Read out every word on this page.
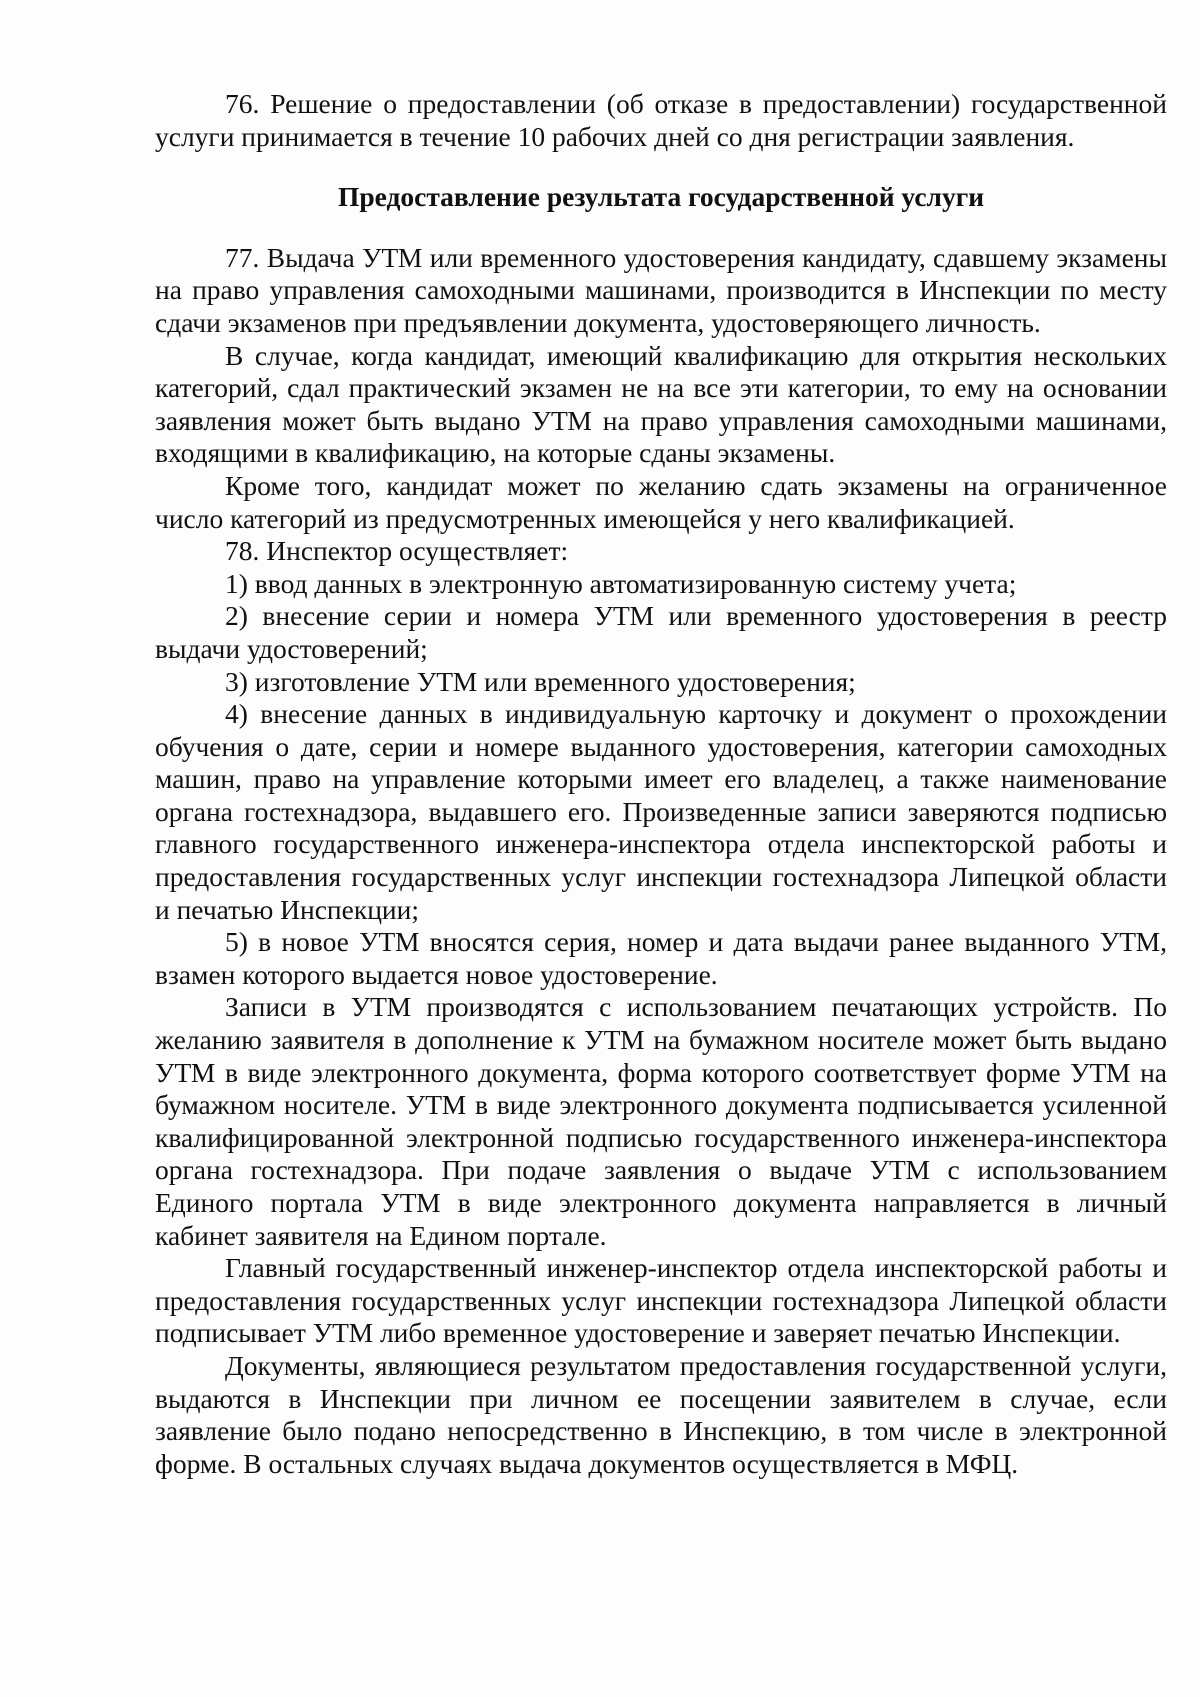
76. Решение о предоставлении (об отказе в предоставлении) государственной услуги принимается в течение 10 рабочих дней со дня регистрации заявления.

Предоставление результата государственной услуги

77. Выдача УТМ или временного удостоверения кандидату, сдавшему экзамены на право управления самоходными машинами, производится в Инспекции по месту сдачи экзаменов при предъявлении документа, удостоверяющего личность.

В случае, когда кандидат, имеющий квалификацию для открытия нескольких категорий, сдал практический экзамен не на все эти категории, то ему на основании заявления может быть выдано УТМ на право управления самоходными машинами, входящими в квалификацию, на которые сданы экзамены.

Кроме того, кандидат может по желанию сдать экзамены на ограниченное число категорий из предусмотренных имеющейся у него квалификацией.

78. Инспектор осуществляет:

1) ввод данных в электронную автоматизированную систему учета;

2) внесение серии и номера УТМ или временного удостоверения в реестр выдачи удостоверений;

3) изготовление УТМ или временного удостоверения;

4) внесение данных в индивидуальную карточку и документ о прохождении обучения о дате, серии и номере выданного удостоверения, категории самоходных машин, право на управление которыми имеет его владелец, а также наименование органа гостехнадзора, выдавшего его. Произведенные записи заверяются подписью главного государственного инженера-инспектора отдела инспекторской работы и предоставления государственных услуг инспекции гостехнадзора Липецкой области и печатью Инспекции;

5) в новое УТМ вносятся серия, номер и дата выдачи ранее выданного УТМ, взамен которого выдается новое удостоверение.

Записи в УТМ производятся с использованием печатающих устройств. По желанию заявителя в дополнение к УТМ на бумажном носителе может быть выдано УТМ в виде электронного документа, форма которого соответствует форме УТМ на бумажном носителе. УТМ в виде электронного документа подписывается усиленной квалифицированной электронной подписью государственного инженера-инспектора органа гостехнадзора. При подаче заявления о выдаче УТМ с использованием Единого портала УТМ в виде электронного документа направляется в личный кабинет заявителя на Едином портале.

Главный государственный инженер-инспектор отдела инспекторской работы и предоставления государственных услуг инспекции гостехнадзора Липецкой области подписывает УТМ либо временное удостоверение и заверяет печатью Инспекции.

Документы, являющиеся результатом предоставления государственной услуги, выдаются в Инспекции при личном ее посещении заявителем в случае, если заявление было подано непосредственно в Инспекцию, в том числе в электронной форме. В остальных случаях выдача документов осуществляется в МФЦ.
